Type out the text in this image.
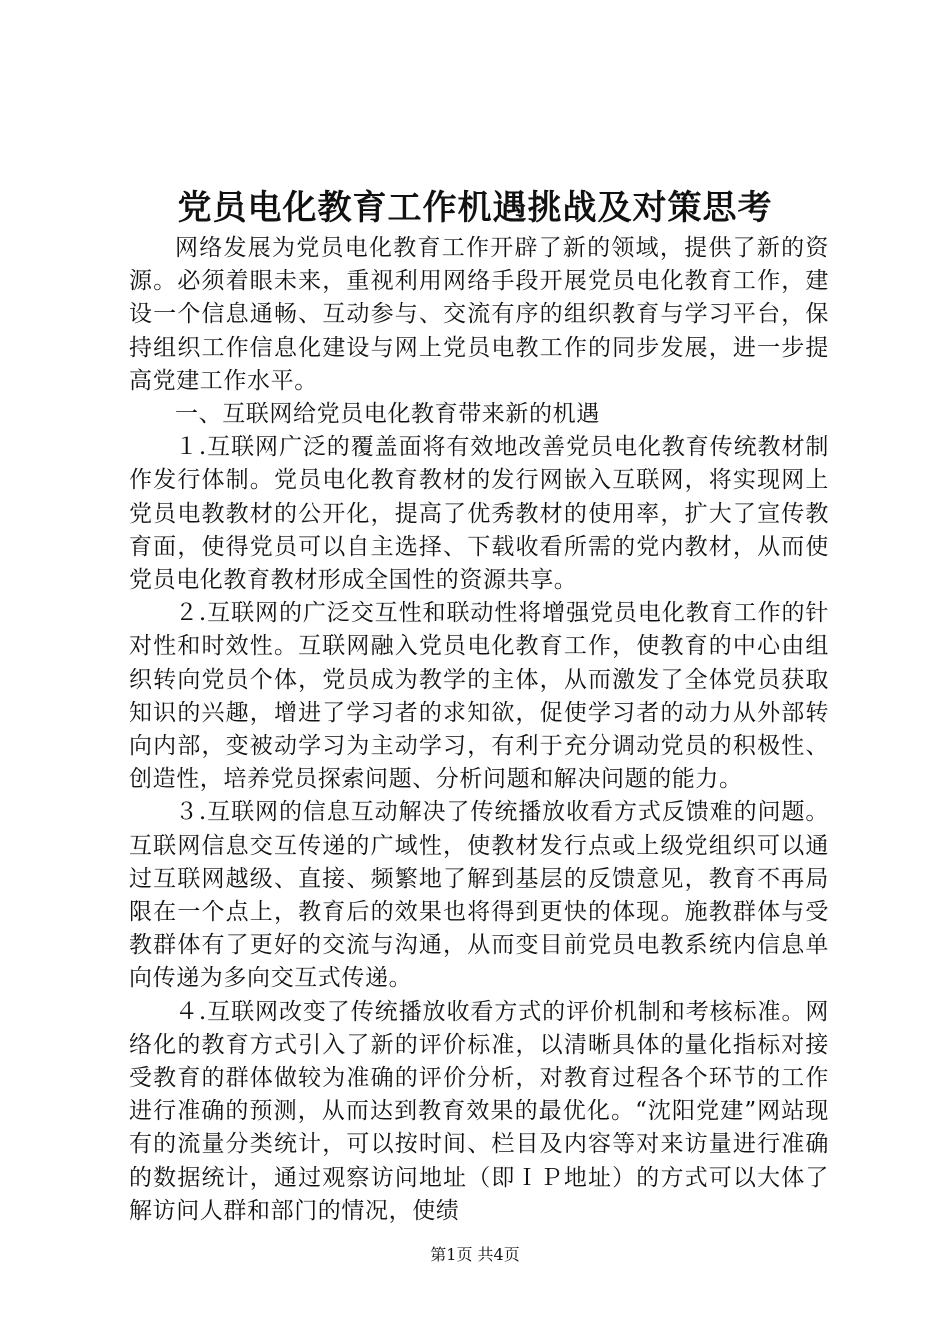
党员电化教育工作机遇挑战及对策思考

网络发展为党员电化教育工作开辟了新的领域，提供了新的资源。必须着眼未来，重视利用网络手段开展党员电化教育工作，建设一个信息通畅、互动参与、交流有序的组织教育与学习平台，保持组织工作信息化建设与网上党员电教工作的同步发展，进一步提高党建工作水平。

一、互联网给党员电化教育带来新的机遇

１.互联网广泛的覆盖面将有效地改善党员电化教育传统教材制作发行体制。党员电化教育教材的发行网嵌入互联网，将实现网上党员电教教材的公开化，提高了优秀教材的使用率，扩大了宣传教育面，使得党员可以自主选择、下载收看所需的党内教材，从而使党员电化教育教材形成全国性的资源共享。

２.互联网的广泛交互性和联动性将增强党员电化教育工作的针对性和时效性。互联网融入党员电化教育工作，使教育的中心由组织转向党员个体，党员成为教学的主体，从而激发了全体党员获取知识的兴趣，增进了学习者的求知欲，促使学习者的动力从外部转向内部，变被动学习为主动学习，有利于充分调动党员的积极性、创造性，培养党员探索问题、分析问题和解决问题的能力。

３.互联网的信息互动解决了传统播放收看方式反馈难的问题。互联网信息交互传递的广域性，使教材发行点或上级党组织可以通过互联网越级、直接、频繁地了解到基层的反馈意见，教育不再局限在一个点上，教育后的效果也将得到更快的体现。施教群体与受教群体有了更好的交流与沟通，从而变目前党员电教系统内信息单向传递为多向交互式传递。

４.互联网改变了传统播放收看方式的评价机制和考核标准。网络化的教育方式引入了新的评价标准，以清晰具体的量化指标对接受教育的群体做较为准确的评价分析，对教育过程各个环节的工作进行准确的预测，从而达到教育效果的最优化。“沈阳党建”网站现有的流量分类统计，可以按时间、栏目及内容等对来访量进行准确的数据统计，通过观察访问地址（即ＩＰ地址）的方式可以大体了解访问人群和部门的情况，使绩

第1页 共4页
